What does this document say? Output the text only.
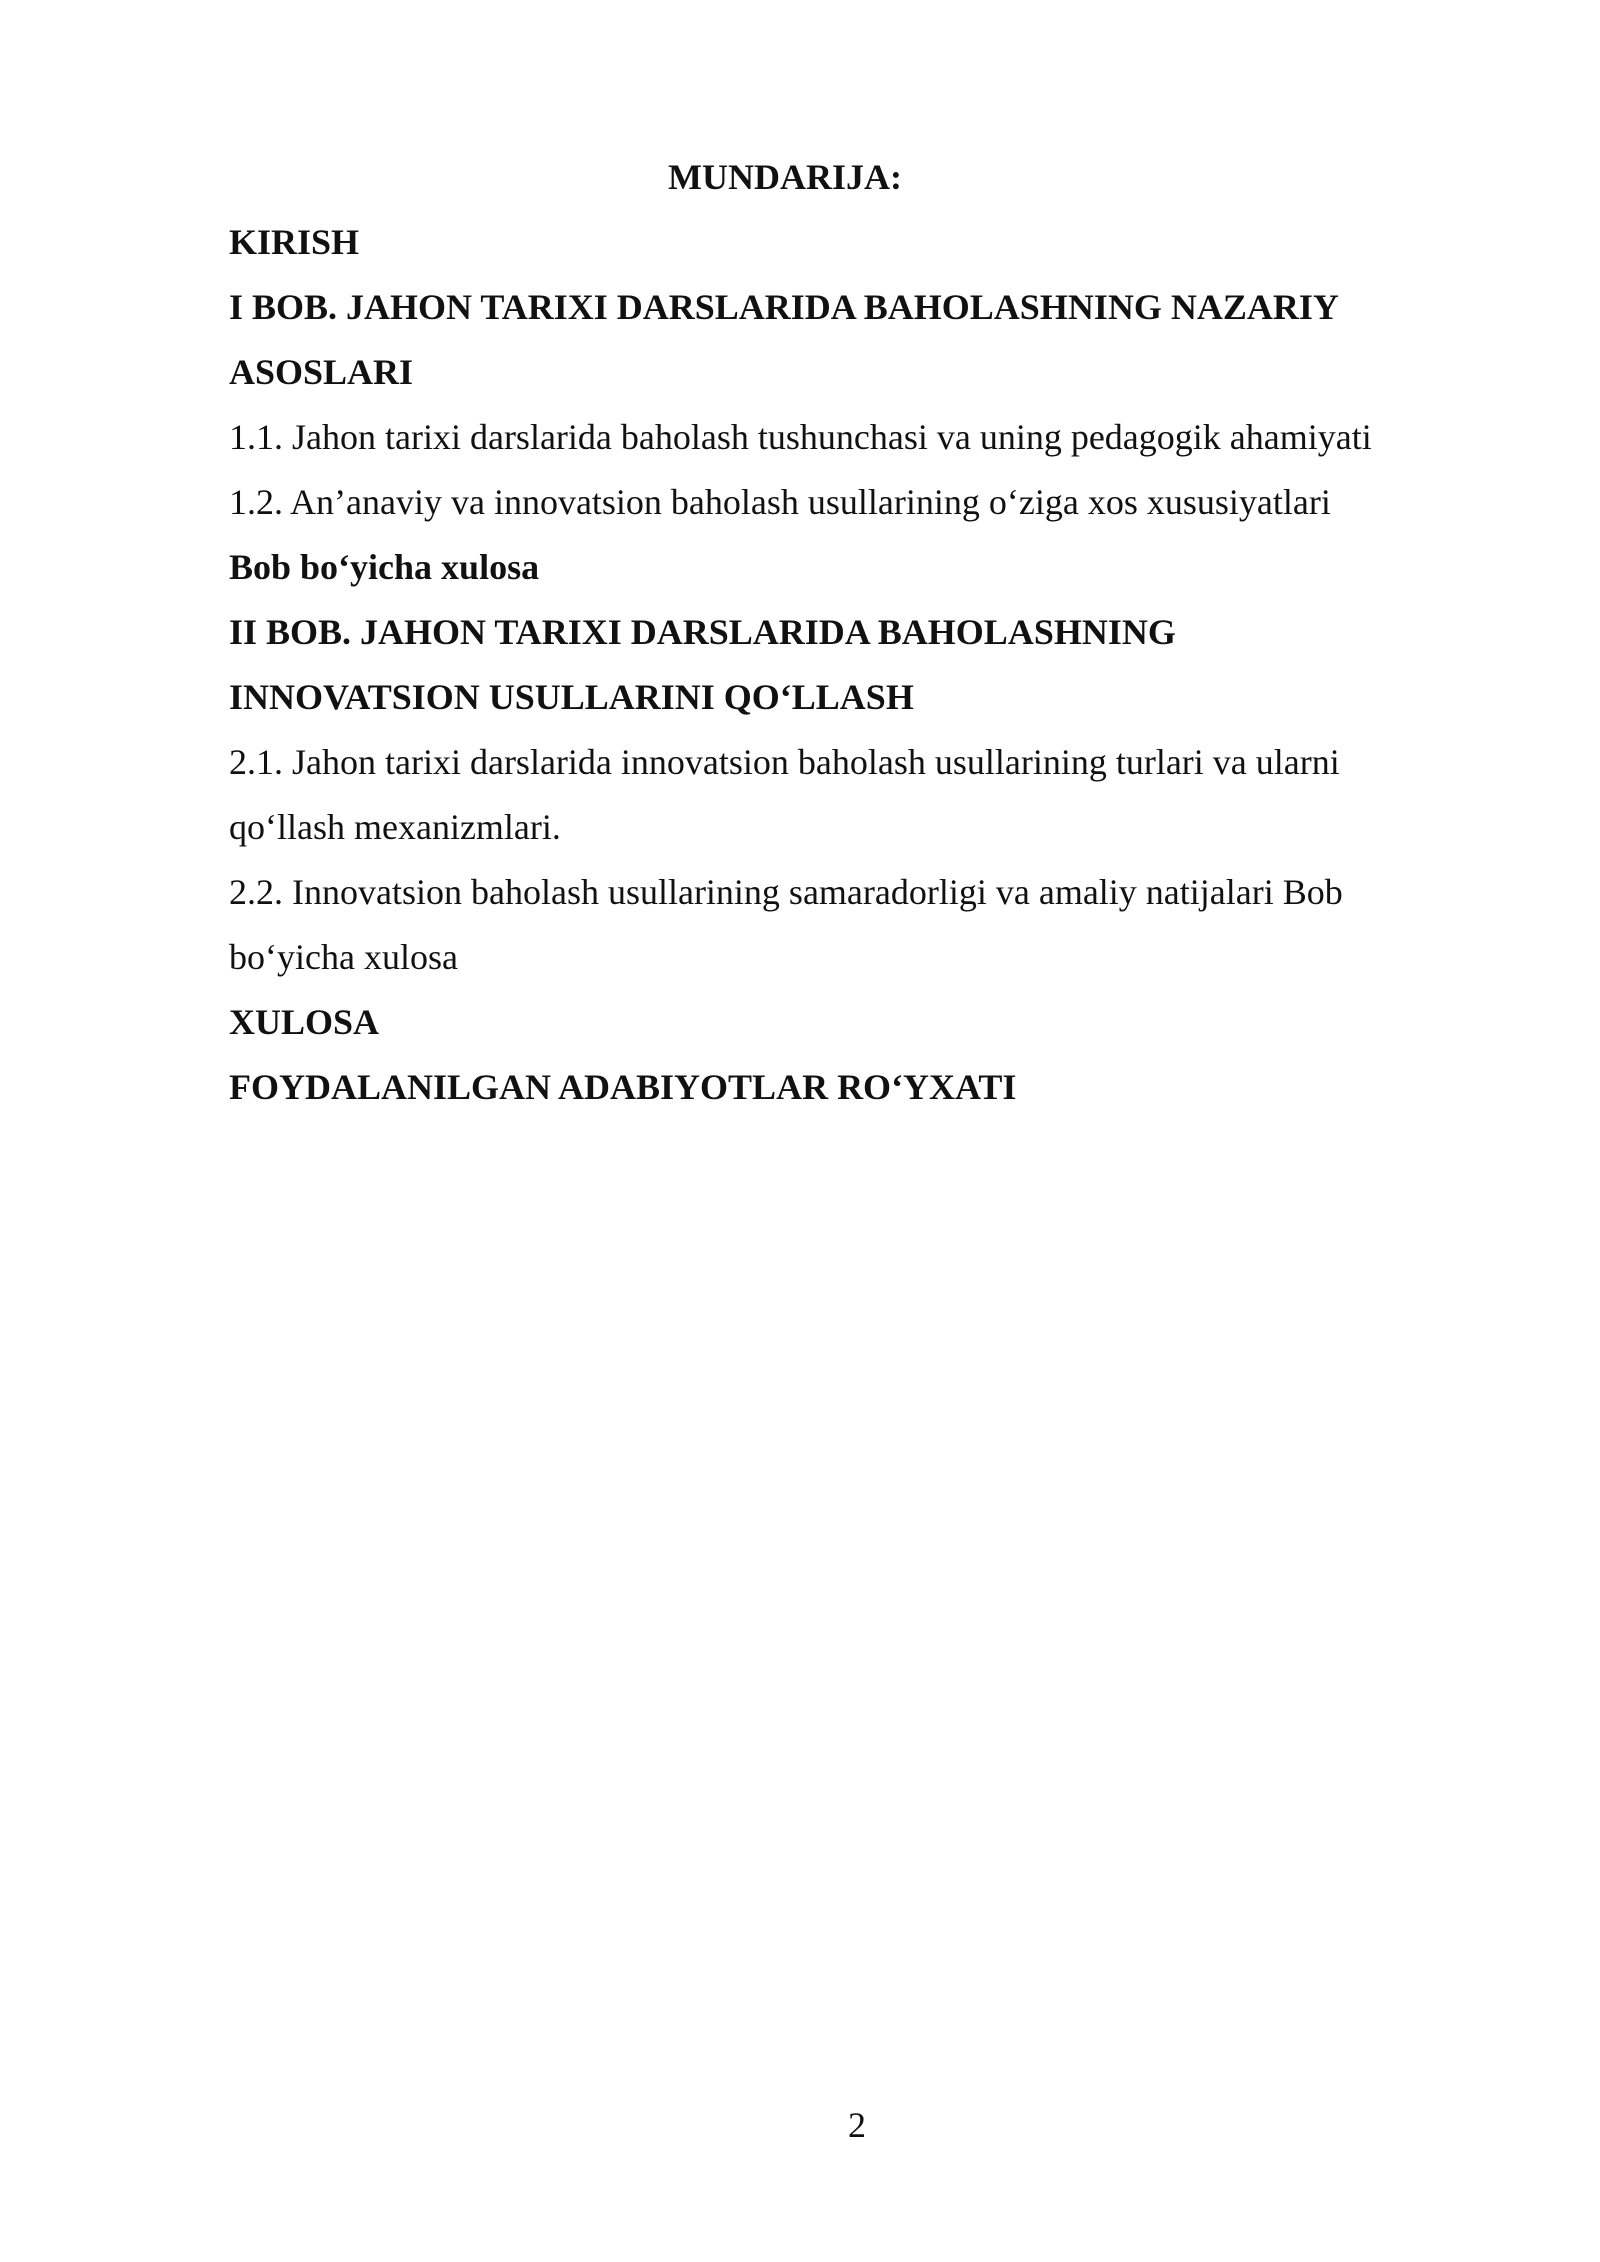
MUNDARIJA:
KIRISH
I BOB. JAHON TARIXI DARSLARIDA BAHOLASHNING NAZARIY
ASOSLARI
1.1. Jahon tarixi darslarida baholash tushunchasi va uning pedagogik ahamiyati
1.2. An’anaviy va innovatsion baholash usullarining o‘ziga xos xususiyatlari
Bob bo‘yicha xulosa
II BOB. JAHON TARIXI DARSLARIDA BAHOLASHNING
INNOVATSION USULLARINI QO‘LLASH
2.1. Jahon tarixi darslarida innovatsion baholash usullarining turlari va ularni
qo‘llash mexanizmlari.
2.2. Innovatsion baholash usullarining samaradorligi va amaliy natijalari Bob
bo‘yicha xulosa
XULOSA
FOYDALANILGAN ADABIYOTLAR RO‘YXATI
2
